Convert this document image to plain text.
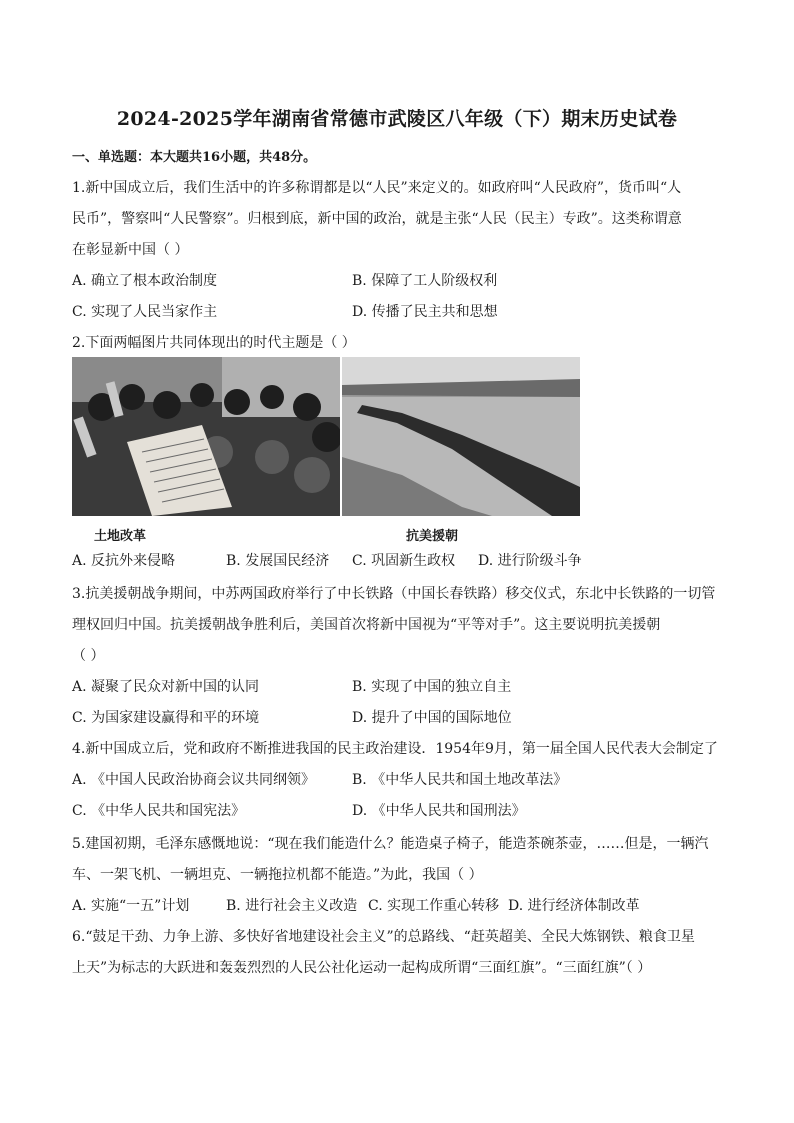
2024-2025学年湖南省常德市武陵区八年级（下）期末历史试卷
一、单选题：本大题共16小题，共48分。
1.新中国成立后，我们生活中的许多称谓都是以“人民”来定义的。如政府叫“人民政府”，货币叫“人
民币”，警察叫“人民警察”。归根到底，新中国的政治，就是主张“人民（民主）专政”。这类称谓意
在彰显新中国（ ）
A. 确立了根本政治制度	B. 保障了工人阶级权利
C. 实现了人民当家作主	D. 传播了民主共和思想
2.下面两幅图片共同体现出的时代主题是（ ）
土地改革	抗美援朝
A. 反抗外来侵略	B. 发展国民经济 C. 巩固新生政权 D. 进行阶级斗争
3.抗美援朝战争期间，中苏两国政府举行了中长铁路（中国长春铁路）移交仪式，东北中长铁路的一切管
理权回归中国。抗美援朝战争胜利后，美国首次将新中国视为“平等对手”。这主要说明抗美援朝
（ ）
A. 凝聚了民众对新中国的认同	B. 实现了中国的独立自主
C. 为国家建设赢得和平的环境	D. 提升了中国的国际地位
4.新中国成立后，党和政府不断推进我国的民主政治建设．1954年9月，第一届全国人民代表大会制定了
A. 《中国人民政治协商会议共同纲领》	B. 《中华人民共和国土地改革法》
C. 《中华人民共和国宪法》	D. 《中华人民共和国刑法》
5.建国初期，毛泽东感慨地说：“现在我们能造什么？能造桌子椅子，能造茶碗茶壶，……但是，一辆汽
车、一架飞机、一辆坦克、一辆拖拉机都不能造。”为此，我国（ ）
A. 实施“一五”计划	B. 进行社会主义改造 C. 实现工作重心转移 D. 进行经济体制改革
6.“鼓足干劲、力争上游、多快好省地建设社会主义”的总路线、“赶英超美、全民大炼钢铁、粮食卫星
上天”为标志的大跃进和轰轰烈烈的人民公社化运动一起构成所谓“三面红旗”。“三面红旗”（ ）
